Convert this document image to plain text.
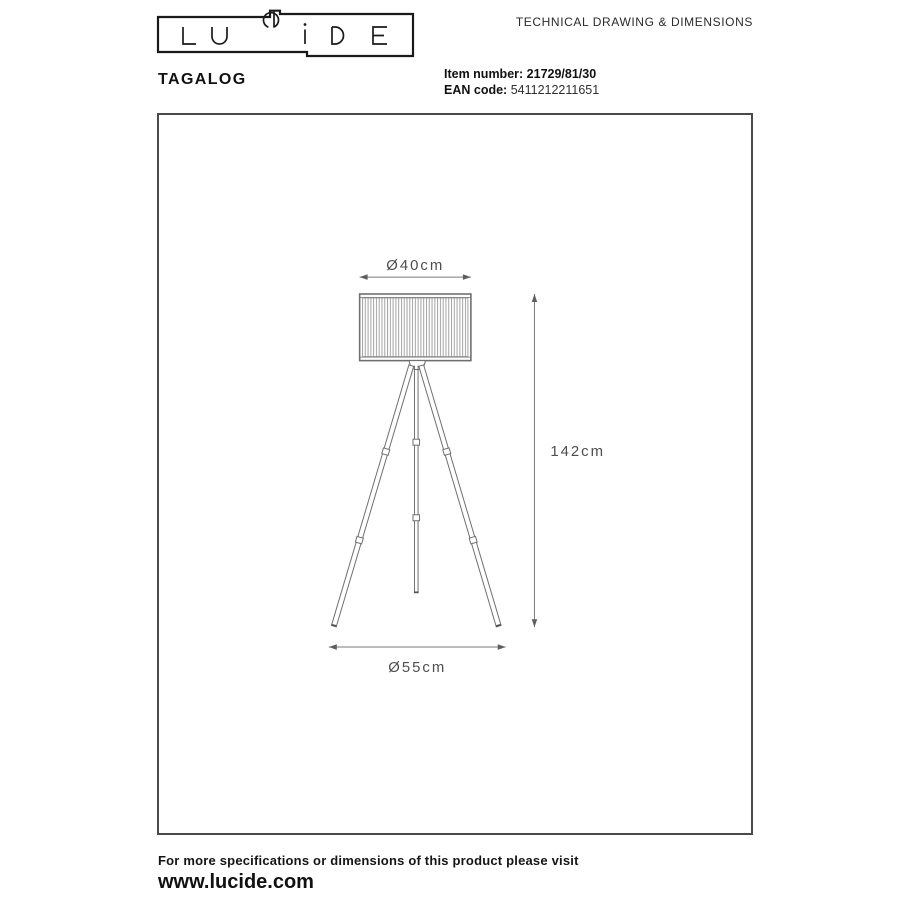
TECHNICAL DRAWING & DIMENSIONS
TAGALOG	Item number: 21729/81/30
EAN code: 5411212211651
Ø40cm
142cm
Ø55cm
For more specifications or dimensions of this product please visit
www.lucide.com
